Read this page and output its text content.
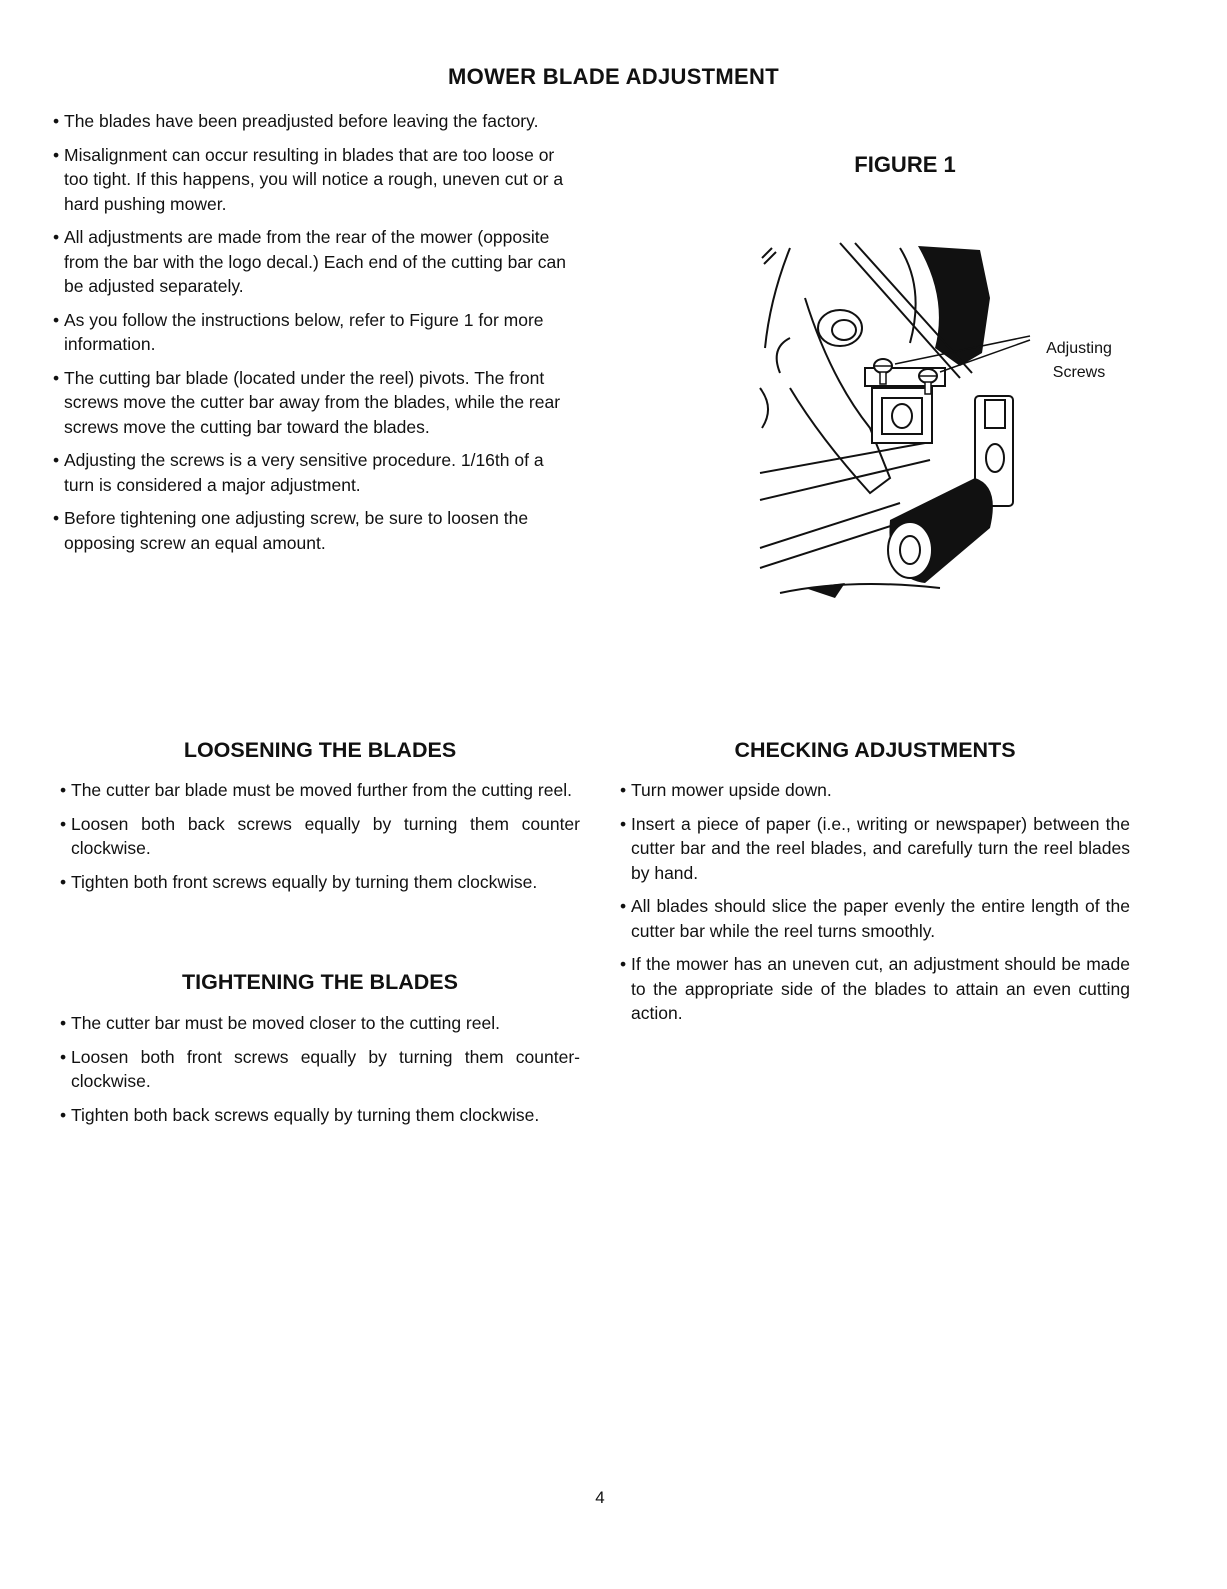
MOWER BLADE ADJUSTMENT
• The blades have been preadjusted before leaving the factory.
• Misalignment can occur resulting in blades that are too loose or too tight. If this happens, you will notice a rough, uneven cut or a hard pushing mower.
• All adjustments are made from the rear of the mower (opposite from the bar with the logo decal.) Each end of the cutting bar can be adjusted separately.
• As you follow the instructions below, refer to Figure 1 for more information.
• The cutting bar blade (located under the reel) pivots. The front screws move the cutter bar away from the blades, while the rear screws move the cutting bar toward the blades.
• Adjusting the screws is a very sensitive procedure. 1/16th of a turn is considered a major adjustment.
• Before tightening one adjusting screw, be sure to loosen the opposing screw an equal amount.
FIGURE 1
Adjusting
Screws
LOOSENING THE BLADES
• The cutter bar blade must be moved further from the cutting reel.
• Loosen both back screws equally by turning them counter clockwise.
• Tighten both front screws equally by turning them clockwise.
TIGHTENING THE BLADES
• The cutter bar must be moved closer to the cutting reel.
• Loosen both front screws equally by turning them counter-clockwise.
• Tighten both back screws equally by turning them clockwise.
CHECKING ADJUSTMENTS
• Turn mower upside down.
• Insert a piece of paper (i.e., writing or newspaper) between the cutter bar and the reel blades, and carefully turn the reel blades by hand.
• All blades should slice the paper evenly the entire length of the cutter bar while the reel turns smoothly.
• If the mower has an uneven cut, an adjustment should be made to the appropriate side of the blades to attain an even cutting action.
4
